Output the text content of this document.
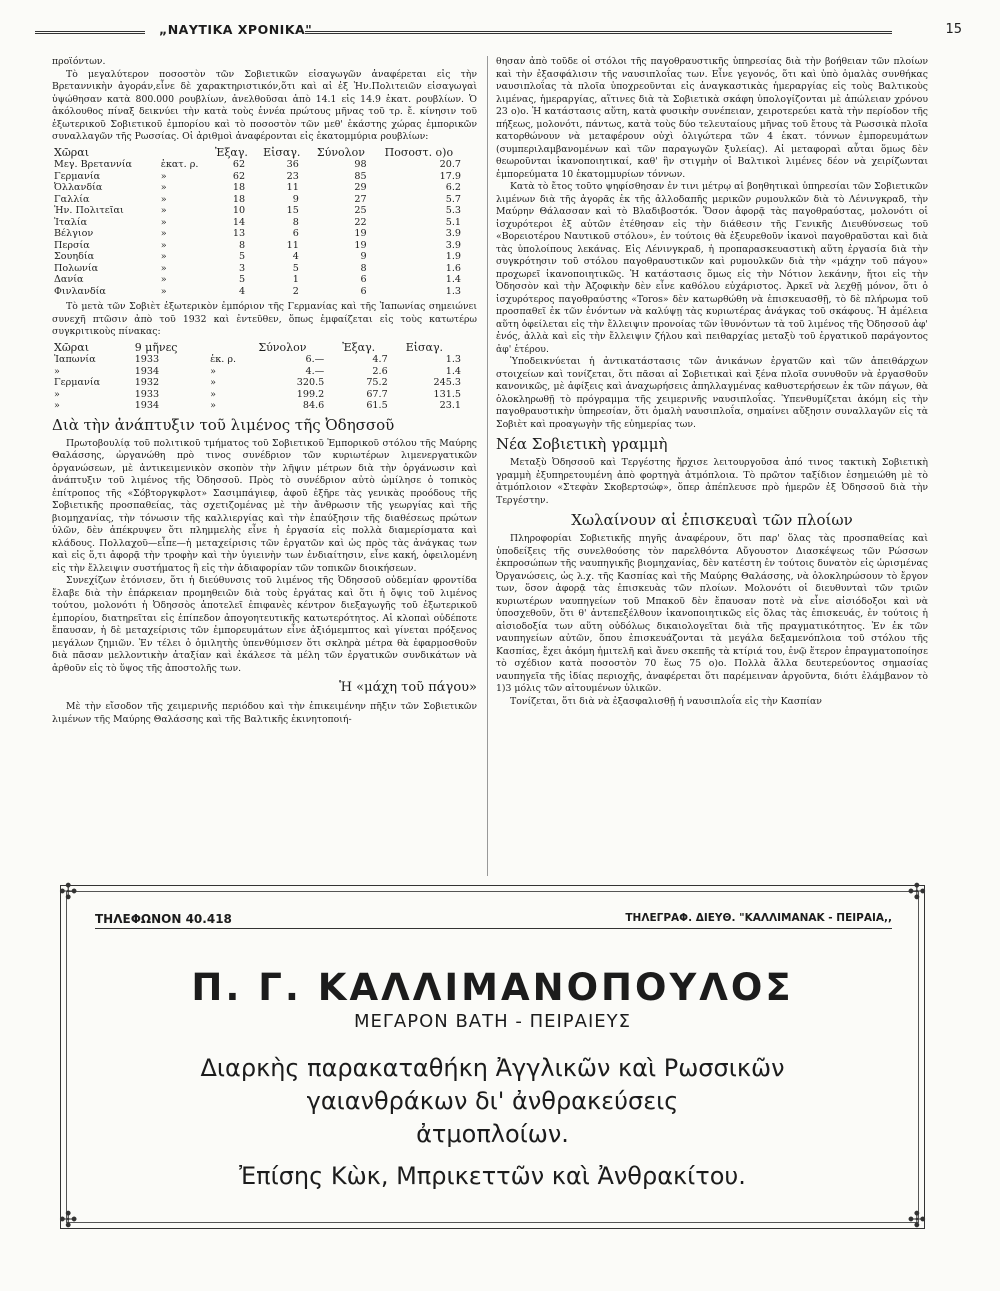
„ΝΑΥΤΙΚΑ ΧΡΟΝΙΚΑ"	15

προϊόντων.

Τὸ μεγαλύτερον ποσοστὸν τῶν Σοβιετικῶν εἰσαγωγῶν ἀναφέρεται εἰς τὴν Βρεταννικὴν ἀγοράν,εἶνε δὲ χαρακτηριστικόν,ὅτι καὶ αἱ ἐξ Ἡν.Πολιτειῶν εἰσαγωγαὶ ὑψώθησαν κατὰ 800.000 ρουβλίων, ἀνελθοῦσαι ἀπὸ 14.1 εἰς 14.9 ἑκατ. ρουβλίων. Ὁ ἀκόλουθος πίναξ δεικνύει τὴν κατὰ τοὺς ἐννέα πρώτους μῆνας τοῦ τρ. ἔ. κίνησιν τοῦ ἐξωτερικοῦ Σοβιετικοῦ ἐμπορίου καὶ τὸ ποσοστὸν τῶν μεθ' ἑκάστης χώρας ἐμπορικῶν συναλλαγῶν τῆς Ρωσσίας. Οἱ ἀριθμοὶ ἀναφέρονται εἰς ἑκατομμύρια ρουβλίων:

Χῶραι		Ἐξαγ.	Εἰσαγ.	Σύνολον	Ποσοστ. ο)ο
Μεγ. Βρεταννία	ἑκατ. ρ.	62	36	98	20.7
Γερμανία	»	62	23	85	17.9
Ὀλλανδία	»	18	11	29	6.2
Γαλλία	»	18	9	27	5.7
Ἡν. Πολιτεῖαι	»	10	15	25	5.3
Ἰταλία	»	14	8	22	5.1
Βέλγιον	»	13	6	19	3.9
Περσία	»	8	11	19	3.9
Σουηδία	»	5	4	9	1.9
Πολωνία	»	3	5	8	1.6
Δανία	»	5	1	6	1.4
Φινλανδία	»	4	2	6	1.3

Τὸ μετὰ τῶν Σοβιὲτ ἐξωτερικὸν ἐμπόριον τῆς Γερμανίας καὶ τῆς Ἰαπωνίας σημειώνει συνεχῆ πτῶσιν ἀπὸ τοῦ 1932 καὶ ἐντεῦθεν, ὅπως ἐμφαίζεται εἰς τοὺς κατωτέρω συγκριτικοὺς πίνακας:

Χῶραι	9 μῆνες		Σύνολον	Ἐξαγ.	Εἰσαγ.
Ἰαπωνία	1933	ἑκ. ρ.	6.—	4.7	1.3
»	1934	»	4.—	2.6	1.4
Γερμανία	1932	»	320.5	75.2	245.3
»	1933	»	199.2	67.7	131.5
»	1934	»	84.6	61.5	23.1
Διὰ τὴν ἀνάπτυξιν τοῦ λιμένος τῆς Ὀδησσοῦ

Πρωτοβουλίᾳ τοῦ πολιτικοῦ τμήματος τοῦ Σοβιετικοῦ Ἐμπορικοῦ στόλου τῆς Μαύρης Θαλάσσης, ὠργανώθη πρὸ τινος συνέδριον τῶν κυριωτέρων λιμενεργατικῶν ὀργανώσεων, μὲ ἀντικειμενικὸν σκοπὸν τὴν λῆψιν μέτρων διὰ τὴν ὀργάνωσιν καὶ ἀνάπτυξιν τοῦ λιμένος τῆς Ὀδησσοῦ. Πρὸς τὸ συνέδριον αὐτὸ ὡμίλησε ὁ τοπικὸς ἐπίτροπος τῆς «Σόβτοργκφλοτ» Σασιμπάγιεφ, ἀφοῦ ἐξῆρε τὰς γενικὰς προόδους τῆς Σοβιετικῆς προσπαθείας, τὰς σχετιζομένας μὲ τὴν ἄνθρωσιν τῆς γεωργίας καὶ τῆς βιομηχανίας, τὴν τόνωσιν τῆς καλλιεργίας καὶ τὴν ἐπαύξησιν τῆς διαθέσεως πρώτων ὑλῶν, δὲν ἀπέκρυψεν ὅτι πλημμελὴς εἶνε ἡ ἐργασία εἰς πολλὰ διαμερίσματα καὶ κλάδους. Πολλαχοῦ—εἶπε—ἡ μεταχείρισις τῶν ἐργατῶν καὶ ὡς πρὸς τὰς ἀνάγκας των καὶ εἰς ὅ,τι ἀφορᾷ τὴν τροφὴν καὶ τὴν ὑγιεινὴν των ἐνδιαίτησιν, εἶνε κακή, ὀφειλομένη εἰς τὴν ἔλλειψιν συστήματος ἢ εἰς τὴν ἀδιαφορίαν τῶν τοπικῶν διοικήσεων.

Συνεχίζων ἐτόνισεν, ὅτι ἡ διεύθυνσις τοῦ λιμένος τῆς Ὀδησσοῦ οὐδεμίαν φροντίδα ἔλαβε διὰ τὴν ἐπάρκειαν προμηθειῶν διὰ τοὺς ἐργάτας καὶ ὅτι ἡ ὄψις τοῦ λιμένος τούτου, μολονότι ἡ Ὀδησσὸς ἀποτελεῖ ἐπιφανὲς κέντρον διεξαγωγῆς τοῦ ἐξωτερικοῦ ἐμπορίου, διατηρεῖται εἰς ἐπίπεδον ἀπογοητευτικῆς κατωτερότητος. Αἱ κλοπαὶ οὐδέποτε ἔπαυσαν, ἡ δὲ μεταχείρισις τῶν ἐμπορευμάτων εἶνε ἀξιόμεμπτος καὶ γίνεται πρόξενος μεγάλων ζημιῶν. Ἐν τέλει ὁ ὁμιλητὴς ὑπενθύμισεν ὅτι σκληρὰ μέτρα θὰ ἐφαρμοσθοῦν διὰ πᾶσαν μελλοντικὴν ἀταξίαν καὶ ἐκάλεσε τὰ μέλη τῶν ἐργατικῶν συνδικάτων νὰ ἀρθοῦν εἰς τὸ ὕψος τῆς ἀποστολῆς των.

Ἡ «μάχη τοῦ πάγου»

Μὲ τὴν εἴσοδον τῆς χειμερινῆς περιόδου καὶ τὴν ἐπικειμένην πῆξιν τῶν Σοβιετικῶν λιμένων τῆς Μαύρης Θαλάσσης καὶ τῆς Βαλτικῆς ἐκινητοποιή-

θησαν ἀπὸ τοῦδε οἱ στόλοι τῆς παγοθραυστικῆς ὑπηρεσίας διὰ τὴν βοήθειαν τῶν πλοίων καὶ τὴν ἐξασφάλισιν τῆς ναυσιπλοΐας των. Εἶνε γεγονός, ὅτι καὶ ὑπὸ ὁμαλὰς συνθήκας ναυσιπλοΐας τὰ πλοῖα ὑποχρεοῦνται εἰς ἀναγκαστικὰς ἡμεραργίας εἰς τοὺς Βαλτικοὺς λιμένας, ἡμεραργίας, αἵτινες διὰ τὰ Σοβιετικὰ σκάφη ὑπολογίζονται μὲ ἀπώλειαν χρόνου 23 ο)ο. Ἡ κατάστασις αὕτη, κατὰ φυσικὴν συνέπειαν, χειροτερεύει κατὰ τὴν περίοδον τῆς πήξεως, μολονότι, πάντως, κατὰ τοὺς δύο τελευταίους μῆνας τοῦ ἔτους τὰ Ρωσσικὰ πλοῖα κατορθώνουν νὰ μεταφέρουν οὐχὶ ὀλιγώτερα τῶν 4 ἑκατ. τόννων ἐμπορευμάτων (συμπεριλαμβανομένων καὶ τῶν παραγωγῶν ξυλείας). Αἱ μεταφοραὶ αὗται ὅμως δὲν θεωροῦνται ἱκανοποιητικαί, καθ' ἣν στιγμὴν οἱ Βαλτικοὶ λιμένες δέον νὰ χειρίζωνται ἐμπορεύματα 10 ἑκατομμυρίων τόννων.

Κατὰ τὸ ἔτος τοῦτο ψηφίσθησαν ἐν τινι μέτρῳ αἱ βοηθητικαὶ ὑπηρεσίαι τῶν Σοβιετικῶν λιμένων διὰ τῆς ἀγορᾶς ἐκ τῆς ἀλλοδαπῆς μερικῶν ρυμουλκῶν διὰ τὸ Λένινγκραδ, τὴν Μαύρην Θάλασσαν καὶ τὸ Βλαδιβοστόκ. Ὅσον ἀφορᾷ τὰς παγοθραύστας, μολονότι οἱ ἰσχυρότεροι ἐξ αὐτῶν ἐτέθησαν εἰς τὴν διάθεσιν τῆς Γενικῆς Διευθύνσεως τοῦ «Βορειοτέρου Ναυτικοῦ στόλου», ἐν τούτοις θὰ ἐξευρεθοῦν ἱκανοὶ παγοθραῦσται καὶ διὰ τὰς ὑπολοίπους λεκάνας. Εἰς Λένινγκραδ, ἡ προπαρασκευαστικὴ αὕτη ἐργασία διὰ τὴν συγκρότησιν τοῦ στόλου παγοθραυστικῶν καὶ ρυμουλκῶν διὰ τὴν «μάχην τοῦ πάγου» προχωρεῖ ἱκανοποιητικῶς. Ἡ κατάστασις ὅμως εἰς τὴν Νότιον λεκάνην, ἤτοι εἰς τὴν Ὀδησσὸν καὶ τὴν Ἀζοφικὴν δὲν εἶνε καθόλου εὐχάριστος. Ἀρκεῖ νὰ λεχθῇ μόνον, ὅτι ὁ ἰσχυρότερος παγοθραύστης «Toros» δὲν κατωρθώθη νὰ ἐπισκευασθῇ, τὸ δὲ πλήρωμα τοῦ προσπαθεῖ ἐκ τῶν ἐνόντων νὰ καλύψῃ τὰς κυριωτέρας ἀνάγκας τοῦ σκάφους. Ἡ ἀμέλεια αὕτη ὀφείλεται εἰς τὴν ἔλλειψιν προνοίας τῶν ἰθυνόντων τὰ τοῦ λιμένος τῆς Ὀδησσοῦ ἀφ' ἑνός, ἀλλὰ καὶ εἰς τὴν ἔλλειψιν ζήλου καὶ πειθαρχίας μεταξὺ τοῦ ἐργατικοῦ παράγοντος ἀφ' ἑτέρου.

Ὑποδεικνύεται ἡ ἀντικατάστασις τῶν ἀνικάνων ἐργατῶν καὶ τῶν ἀπειθάρχων στοιχείων καὶ τονίζεται, ὅτι πᾶσαι αἱ Σοβιετικαὶ καὶ ξένα πλοῖα συνυθοῦν νὰ ἐργασθοῦν κανονικῶς, μὲ ἀφίξεις καὶ ἀναχωρήσεις ἀπηλλαγμένας καθυστερήσεων ἐκ τῶν πάγων, θὰ ὁλοκληρωθῇ τὸ πρόγραμμα τῆς χειμερινῆς ναυσιπλοΐας. Ὑπενθυμίζεται ἀκόμη εἰς τὴν παγοθραυστικὴν ὑπηρεσίαν, ὅτι ὁμαλὴ ναυσιπλοΐα, σημαίνει αὔξησιν συναλλαγῶν εἰς τὰ Σοβιὲτ καὶ προαγωγὴν τῆς εὐημερίας των.

Νέα Σοβιετικὴ γραμμὴ

Μεταξὺ Ὀδησσοῦ καὶ Τεργέστης ἤρχισε λειτουργοῦσα ἀπό τινος τακτικὴ Σοβιετικὴ γραμμὴ ἐξυπηρετουμένη ἀπὸ φορτηγὰ ἀτμόπλοια. Τὸ πρῶτον ταξίδιον ἐσημειώθη μὲ τὸ ἀτμόπλοιον «Στεφὰν Σκοβερτσώφ», ὅπερ ἀπέπλευσε πρὸ ἡμερῶν ἐξ Ὀδησσοῦ διὰ τὴν Τεργέστην.

Χωλαίνουν αἱ ἐπισκευαὶ τῶν πλοίων

Πληροφορίαι Σοβιετικῆς πηγῆς ἀναφέρουν, ὅτι παρ' ὅλας τὰς προσπαθείας καὶ ὑποδείξεις τῆς συνελθούσης τὸν παρελθόντα Αὔγουστον Διασκέψεως τῶν Ρώσσων ἐκπροσώπων τῆς ναυπηγικῆς βιομηχανίας, δὲν κατέστη ἐν τούτοις δυνατὸν εἰς ὡρισμένας Ὀργανώσεις, ὡς λ.χ. τῆς Κασπίας καὶ τῆς Μαύρης Θαλάσσης, νὰ ὁλοκληρώσουν τὸ ἔργον των, ὅσον ἀφορᾷ τὰς ἐπισκευὰς τῶν πλοίων. Μολονότι οἱ διευθυνταὶ τῶν τριῶν κυριωτέρων ναυπηγείων τοῦ Μπακοῦ δὲν ἔπαυσαν ποτὲ νὰ εἶνε αἰσιόδοξοι καὶ νὰ ὑποσχεθοῦν, ὅτι θ' ἀντεπεξέλθουν ἱκανοποιητικῶς εἰς ὅλας τὰς ἐπισκευάς, ἐν τούτοις ἡ αἰσιοδοξία των αὕτη οὐδόλως δικαιολογεῖται διὰ τῆς πραγματικότητος. Ἐν ἐκ τῶν ναυπηγείων αὐτῶν, ὅπου ἐπισκευάζονται τὰ μεγάλα δεξαμενόπλοια τοῦ στόλου τῆς Κασπίας, ἔχει ἀκόμη ἡμιτελῆ καὶ ἄνευ σκεπῆς τὰ κτίριά του, ἐνῷ ἕτερον ἐπραγματοποίησε τὸ σχέδιον κατὰ ποσοστὸν 70 ἕως 75 ο)ο. Πολλὰ ἄλλα δευτερεύοντος σημασίας ναυπηγεῖα τῆς ἰδίας περιοχῆς, ἀναφέρεται ὅτι παρέμειναν ἀργοῦντα, διότι ἐλάμβανον τὸ 1)3 μόλις τῶν αἰτουμένων ὑλικῶν.

Τονίζεται, ὅτι διὰ νὰ ἐξασφαλισθῇ ἡ ναυσιπλοΐα εἰς τὴν Κασπίαν

✣	✣
✣	✣
ΤΗΛΕΦΩΝΟΝ 40.418	ΤΗΛΕΓΡΑΦ. ΔΙΕΥΘ. "ΚΑΛΛΙΜΑΝΑΚ - ΠΕΙΡΑΙΑ,,
Π. Γ. ΚΑΛΛΙΜΑΝΟΠΟΥΛΟΣ
ΜΕΓΑΡΟΝ ΒΑΤΗ - ΠΕΙΡΑΙΕΥΣ
Διαρκὴς παρακαταθήκη Ἀγγλικῶν καὶ Ρωσσικῶν
γαιανθράκων δι' ἀνθρακεύσεις
ἀτμοπλοίων.
Ἐπίσης Κὼκ, Μπρικεττῶν καὶ Ἀνθρακίτου.
